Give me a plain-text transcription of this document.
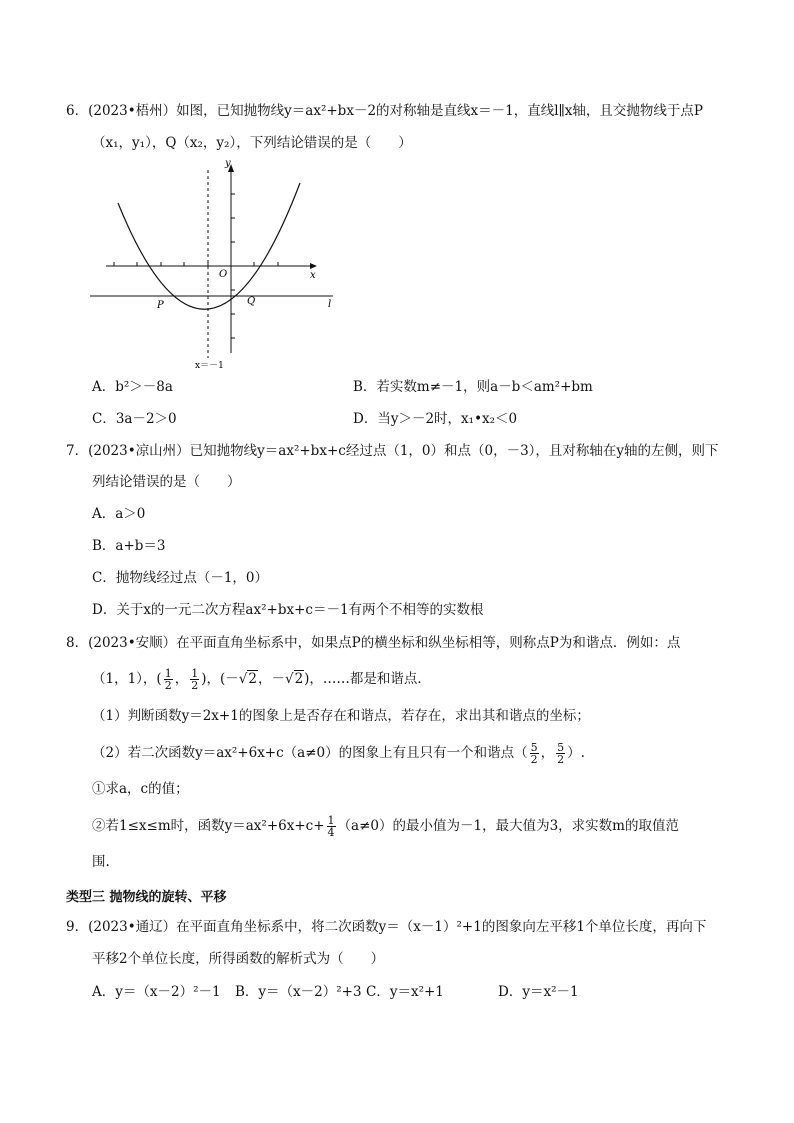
6．(2023•梧州）如图，已知抛物线y＝ax²+bx－2的对称轴是直线x＝－1，直线l∥x轴，且交抛物线于点P
（x₁，y₁），Q（x₂，y₂），下列结论错误的是（　　）
y
x
O
P	Q	l
x＝－1
A．b²＞－8a	B．若实数m≠－1，则a－b＜am²+bm
C．3a－2＞0	D．当y＞－2时，x₁•x₂＜0
7．(2023•凉山州）已知抛物线y＝ax²+bx+c经过点（1，0）和点（0，－3），且对称轴在y轴的左侧，则下
列结论错误的是（　　）
A．a＞0
B．a+b＝3
C．抛物线经过点（－1，0）
D．关于x的一元二次方程ax²+bx+c＝－1有两个不相等的实数根
8．(2023•安顺）在平面直角坐标系中，如果点P的横坐标和纵坐标相等，则称点P为和谐点．例如：点
（1，1），( $\frac{1}{2}$ ， $\frac{1}{2}$ )，(－√2，－√2)，……都是和谐点．
（1）判断函数y＝2x+1的图象上是否存在和谐点，若存在，求出其和谐点的坐标；
（2）若二次函数y＝ax²+6x+c（a≠0）的图象上有且只有一个和谐点（ $\frac{5}{2}$ ， $\frac{5}{2}$ ）.
①求a，c的值；
②若1≤x≤m时，函数$y=ax^2+6x+c+ \frac{1}{4} (a\ne 0)$的最小值为－1，最大值为3，求实数m的取值范
围.
类型三 抛物线的旋转、平移
9．(2023•通辽）在平面直角坐标系中，将二次函数y＝（x－1）²+1的图象向左平移1个单位长度，再向下
平移2个单位长度，所得函数的解析式为（　　）
A．y＝（x－2）²－1 B．y＝（x－2）²+3 C．y＝x²+1	D．y＝x²－1
